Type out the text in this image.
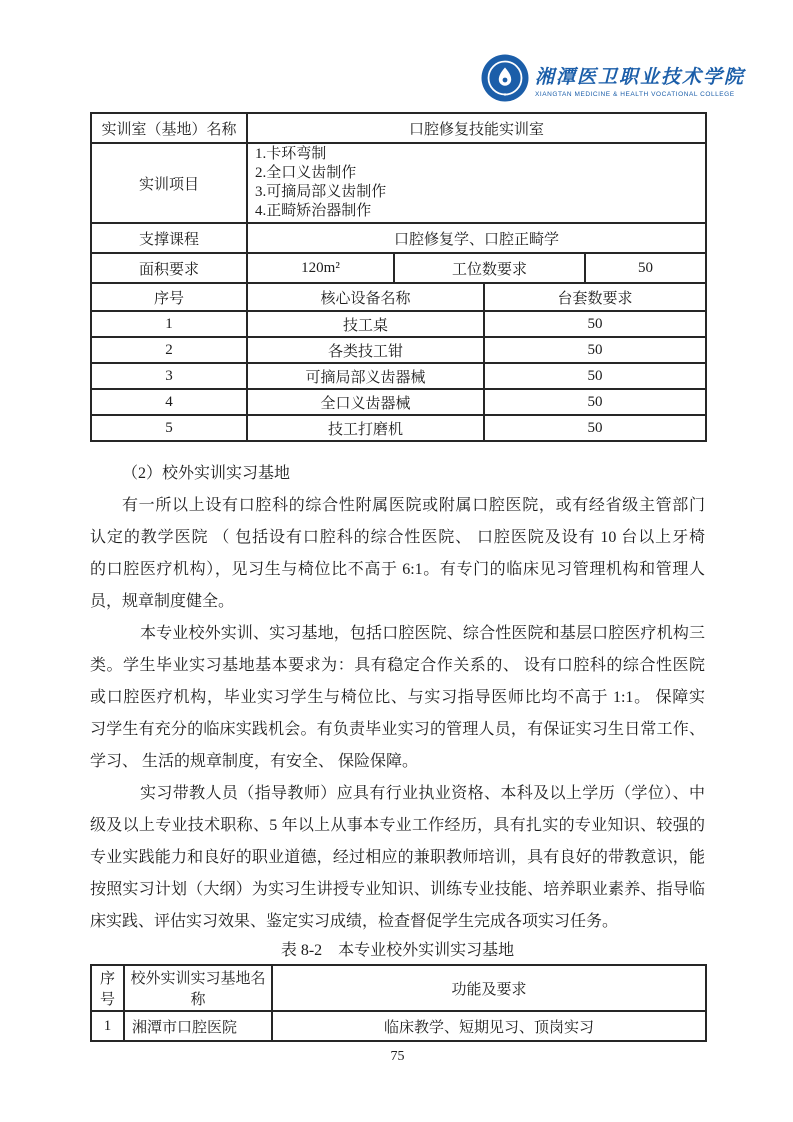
湘潭医卫职业技术学院
XIANGTAN MEDICINE & HEALTH VOCATIONAL COLLEGE
实训室（基地）名称	口腔修复技能实训室			
实训项目	1.卡环弯制
2.全口义齿制作
3.可摘局部义齿制作
4.正畸矫治器制作			

支撑课程	口腔修复学、口腔正畸学			
面积要求	120m²	工位数要求		50
序号	核心设备名称		台套数要求	
1	技工桌		50	
2	各类技工钳		50	
3	可摘局部义齿器械		50	
4	全口义齿器械		50	
5	技工打磨机		50	
（2）校外实训实习基地
有一所以上设有口腔科的综合性附属医院或附属口腔医院，或有经省级主管部门
认定的教学医院 （ 包括设有口腔科的综合性医院、 口腔医院及设有 10 台以上牙椅
的口腔医疗机构），见习生与椅位比不高于 6:1。有专门的临床见习管理机构和管理人
员，规章制度健全。
本专业校外实训、实习基地，包括口腔医院、综合性医院和基层口腔医疗机构三
类。学生毕业实习基地基本要求为：具有稳定合作关系的、 设有口腔科的综合性医院
或口腔医疗机构，毕业实习学生与椅位比、与实习指导医师比均不高于 1:1。 保障实
习学生有充分的临床实践机会。有负责毕业实习的管理人员，有保证实习生日常工作、
学习、 生活的规章制度，有安全、 保险保障。
实习带教人员（指导教师）应具有行业执业资格、本科及以上学历（学位）、中
级及以上专业技术职称、5 年以上从事本专业工作经历，具有扎实的专业知识、较强的
专业实践能力和良好的职业道德，经过相应的兼职教师培训，具有良好的带教意识，能
按照实习计划（大纲）为实习生讲授专业知识、训练专业技能、培养职业素养、指导临
床实践、评估实习效果、鉴定实习成绩，检查督促学生完成各项实习任务。
表 8-2　本专业校外实训实习基地
序号	校外实训实习基地名称	功能及要求
1	湘潭市口腔医院	临床教学、短期见习、顶岗实习
75
